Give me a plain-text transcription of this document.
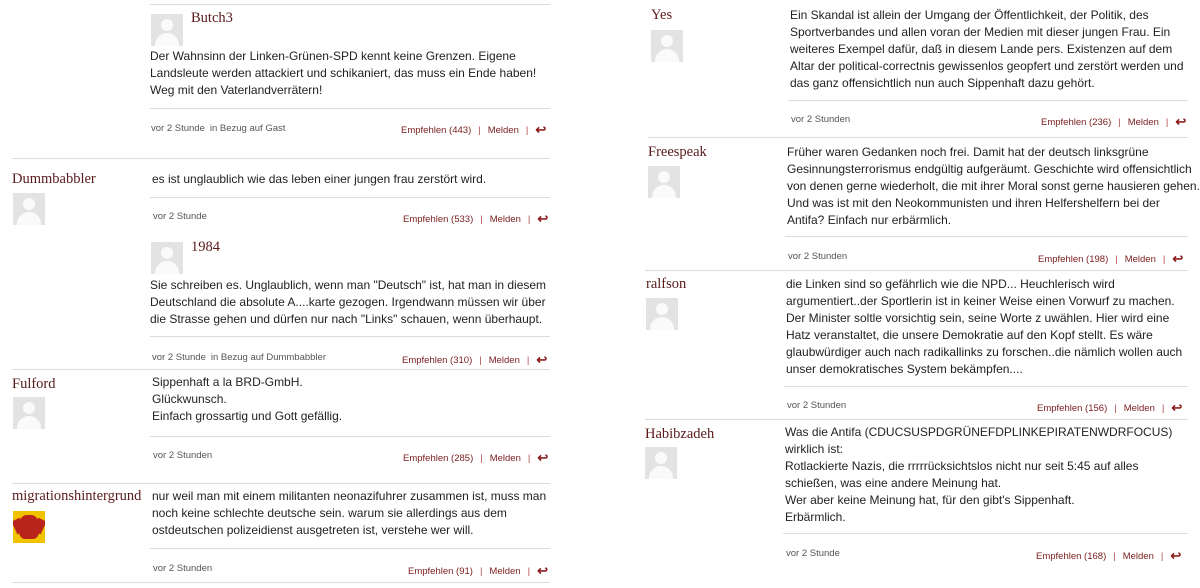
Butch3

Der Wahnsinn der Linken-Grünen-SPD kennt keine Grenzen. Eigene

Landsleute werden attackiert und schikaniert, das muss ein Ende haben!

Weg mit den Vaterlandverrätern!

vor 2 Stunde in Bezug auf Gast	Empfehlen (443) | Melden | ↩
Dummbabbler	es ist unglaublich wie das leben einer jungen frau zerstört wird.

vor 2 Stunde	Empfehlen (533) | Melden | ↩
1984

Sie schreiben es. Unglaublich, wenn man "Deutsch" ist, hat man in diesem

Deutschland die absolute A....karte gezogen. Irgendwann müssen wir über

die Strasse gehen und dürfen nur nach "Links" schauen, wenn überhaupt.

vor 2 Stunde in Bezug auf Dummbabbler	Empfehlen (310) | Melden | ↩
Fulford	Sippenhaft a la BRD-GmbH.

Glückwunsch.

Einfach grossartig und Gott gefällig.

vor 2 Stunden	Empfehlen (285) | Melden | ↩
migrationshintergrund nur weil man mit einem militanten neonazifuhrer zusammen ist, muss man

noch keine schlechte deutsche sein. warum sie allerdings aus dem

ostdeutschen polizeidienst ausgetreten ist, verstehe wer will.

vor 2 Stunden	Empfehlen (91) | Melden | ↩
Yes	Ein Skandal ist allein der Umgang der Öffentlichkeit, der Politik, des

Sportverbandes und allen voran der Medien mit dieser jungen Frau. Ein

weiteres Exempel dafür, daß in diesem Lande pers. Existenzen auf dem

Altar der political-correctnis gewissenlos geopfert und zerstört werden und

das ganz offensichtlich nun auch Sippenhaft dazu gehört.

vor 2 Stunden	Empfehlen (236) | Melden | ↩
Freespeak	Früher waren Gedanken noch frei. Damit hat der deutsch linksgrüne

Gesinnungsterrorismus endgültig aufgeräumt. Geschichte wird offensichtlich

von denen gerne wiederholt, die mit ihrer Moral sonst gerne hausieren gehen.

Und was ist mit den Neokommunisten und ihren Helfershelfern bei der

Antifa? Einfach nur erbärmlich.

vor 2 Stunden	Empfehlen (198) | Melden | ↩
ralfson	die Linken sind so gefährlich wie die NPD... Heuchlerisch wird

argumentiert..der Sportlerin ist in keiner Weise einen Vorwurf zu machen.

Der Minister soltle vorsichtig sein, seine Worte z uwählen. Hier wird eine

Hatz veranstaltet, die unsere Demokratie auf den Kopf stellt. Es wäre

glaubwürdiger auch nach radikallinks zu forschen..die nämlich wollen auch

unser demokratisches System bekämpfen....

vor 2 Stunden	Empfehlen (156) | Melden | ↩
Habibzadeh	Was die Antifa (CDUCSUSPDGRÜNEFDPLINKEPIRATENWDRFOCUS)

wirklich ist:

Rotlackierte Nazis, die rrrrrücksichtslos nicht nur seit 5:45 auf alles

schießen, was eine andere Meinung hat.

Wer aber keine Meinung hat, für den gibt's Sippenhaft.

Erbärmlich.

vor 2 Stunde	Empfehlen (168) | Melden | ↩
